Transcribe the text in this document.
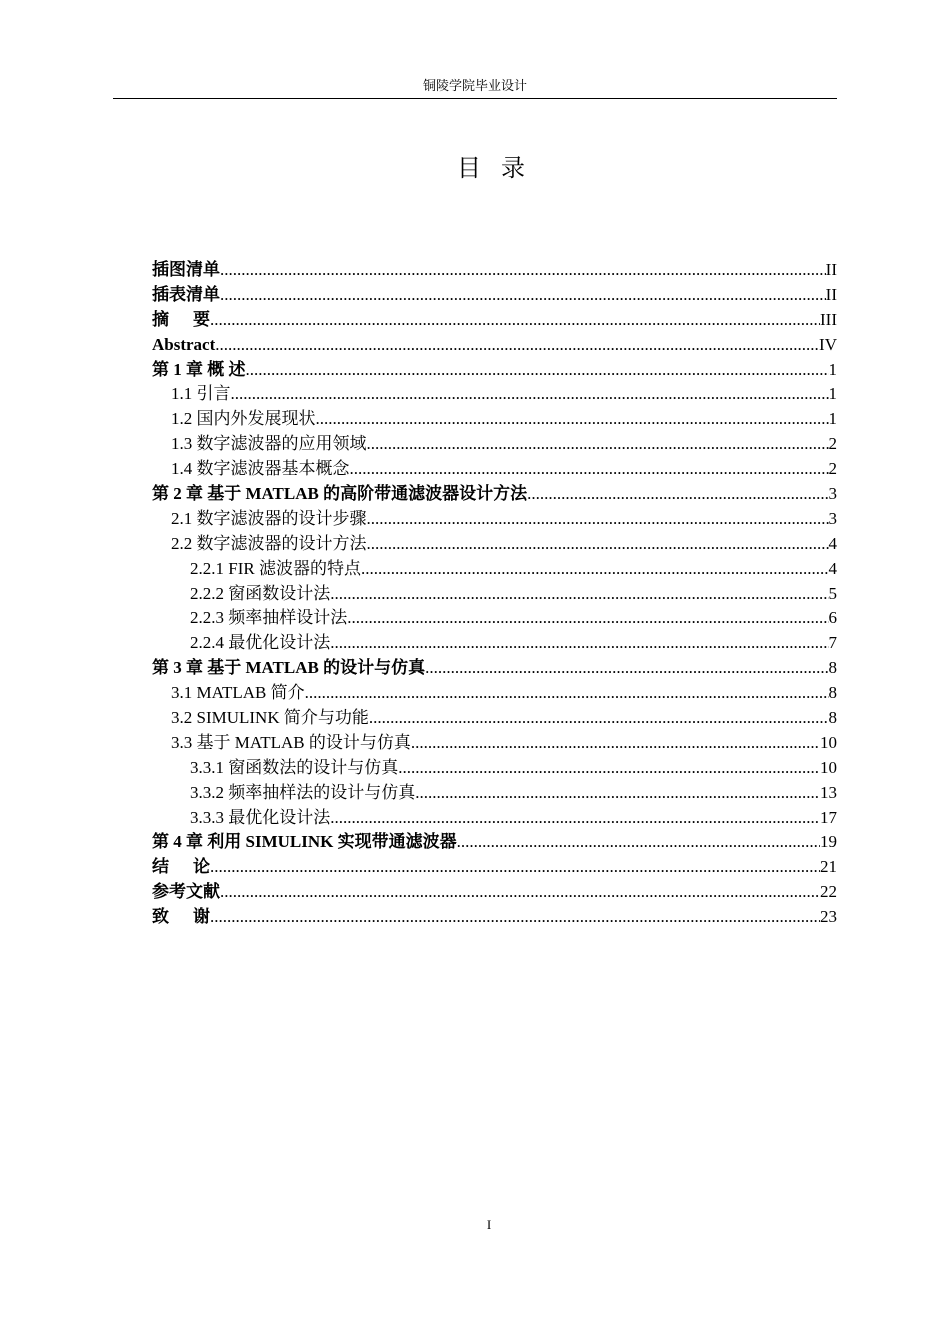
铜陵学院毕业设计
目录
插图清单 .....	II
插表清单 .....	II
摘要 .....	III
Abstract .....	IV
第 1 章 概 述 .....	1
1.1 引言 .....	1
1.2 国内外发展现状 .....	1
1.3 数字滤波器的应用领域 .....	2
1.4 数字滤波器基本概念 .....	2
第 2 章 基于 MATLAB 的高阶带通滤波器设计方法 .....	3
2.1 数字滤波器的设计步骤 .....	3
2.2 数字滤波器的设计方法 .....	4
2.2.1 FIR 滤波器的特点 .....	4
2.2.2 窗函数设计法 .....	5
2.2.3 频率抽样设计法 .....	6
2.2.4 最优化设计法 .....	7
第 3 章 基于 MATLAB 的设计与仿真 .....	8
3.1 MATLAB 简介 .....	8
3.2 SIMULINK 简介与功能 .....	8
3.3 基于 MATLAB 的设计与仿真 .....	10
3.3.1 窗函数法的设计与仿真 .....	10
3.3.2 频率抽样法的设计与仿真 .....	13
3.3.3 最优化设计法 .....	17
第 4 章 利用 SIMULINK 实现带通滤波器 .....	19
结论 .....	21
参考文献 .....	22
致谢 .....	23
I
